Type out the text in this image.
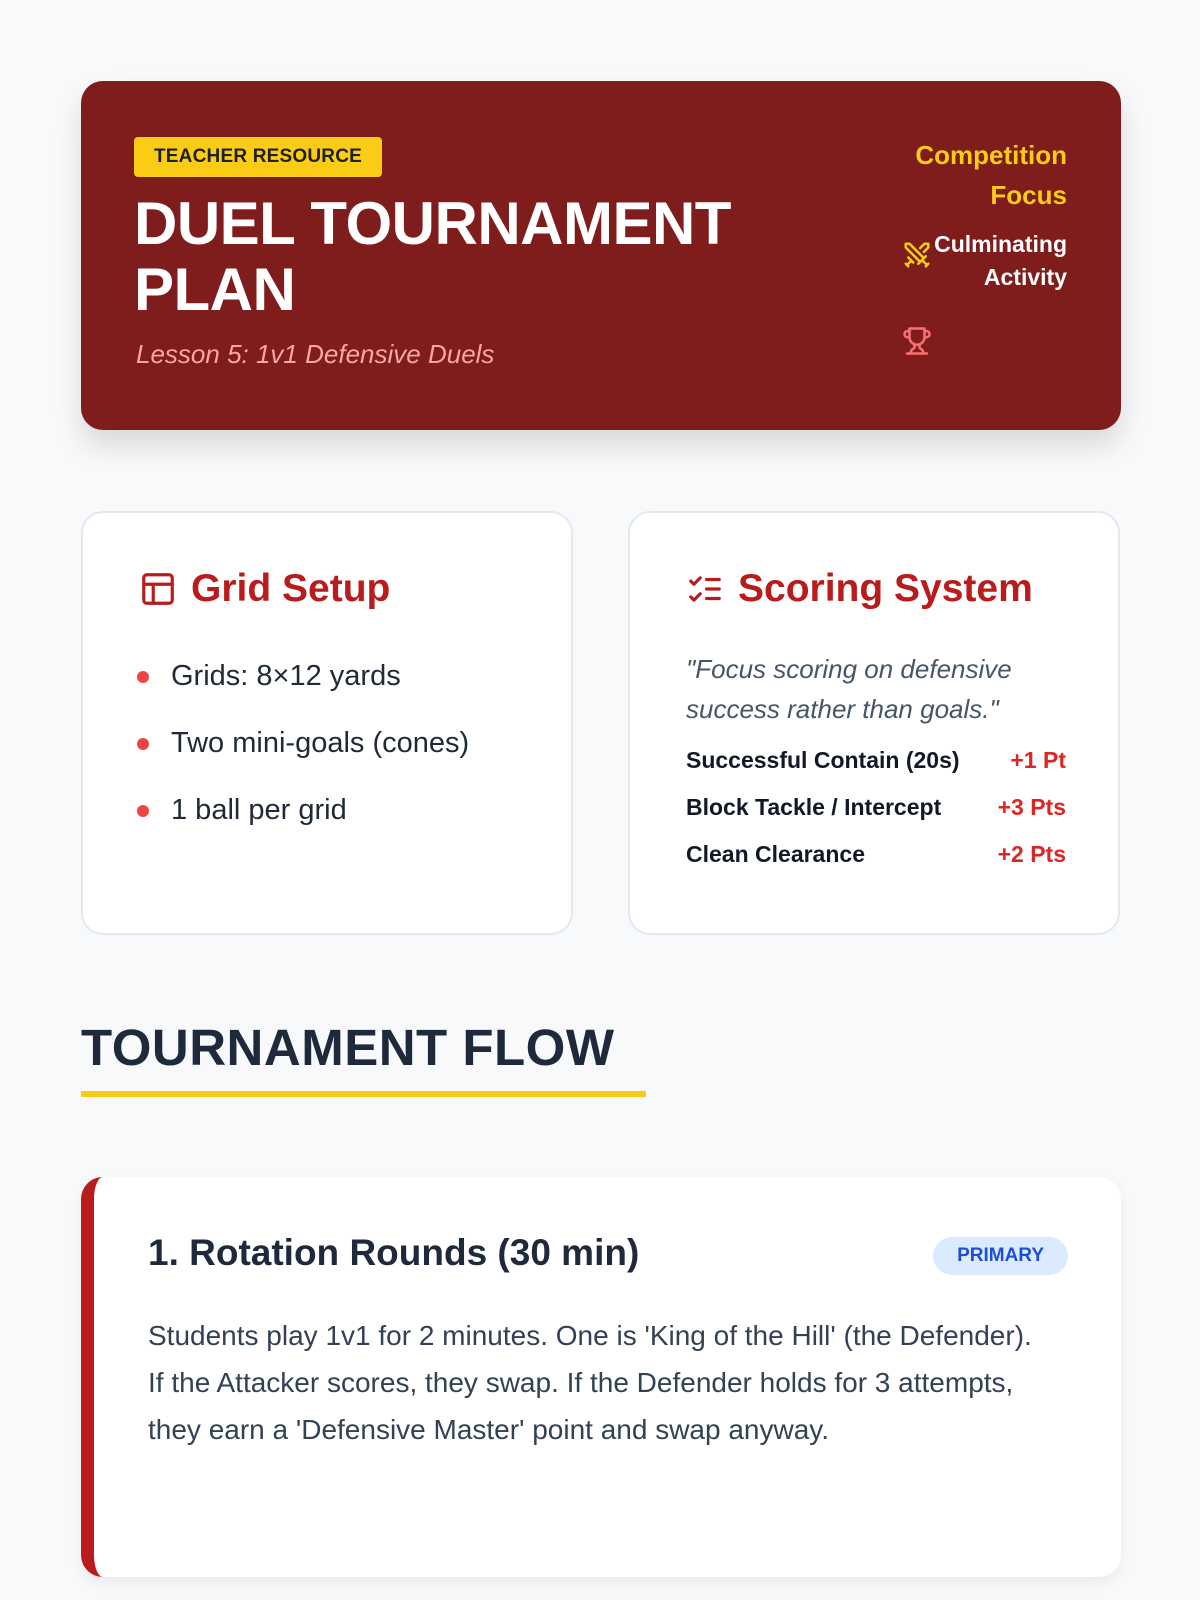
TEACHER RESOURCE
DUEL TOURNAMENT PLAN
Lesson 5: 1v1 Defensive Duels
Competition Focus
Culminating Activity
Grid Setup
Grids: 8×12 yards
Two mini-goals (cones)
1 ball per grid
Scoring System
"Focus scoring on defensive success rather than goals."
Successful Contain (20s) +1 Pt
Block Tackle / Intercept +3 Pts
Clean Clearance	+2 Pts
TOURNAMENT FLOW
1. Rotation Rounds (30 min)	PRIMARY

Students play 1v1 for 2 minutes. One is 'King of the Hill' (the Defender). If the Attacker scores, they swap. If the Defender holds for 3 attempts, they earn a 'Defensive Master' point and swap anyway.
